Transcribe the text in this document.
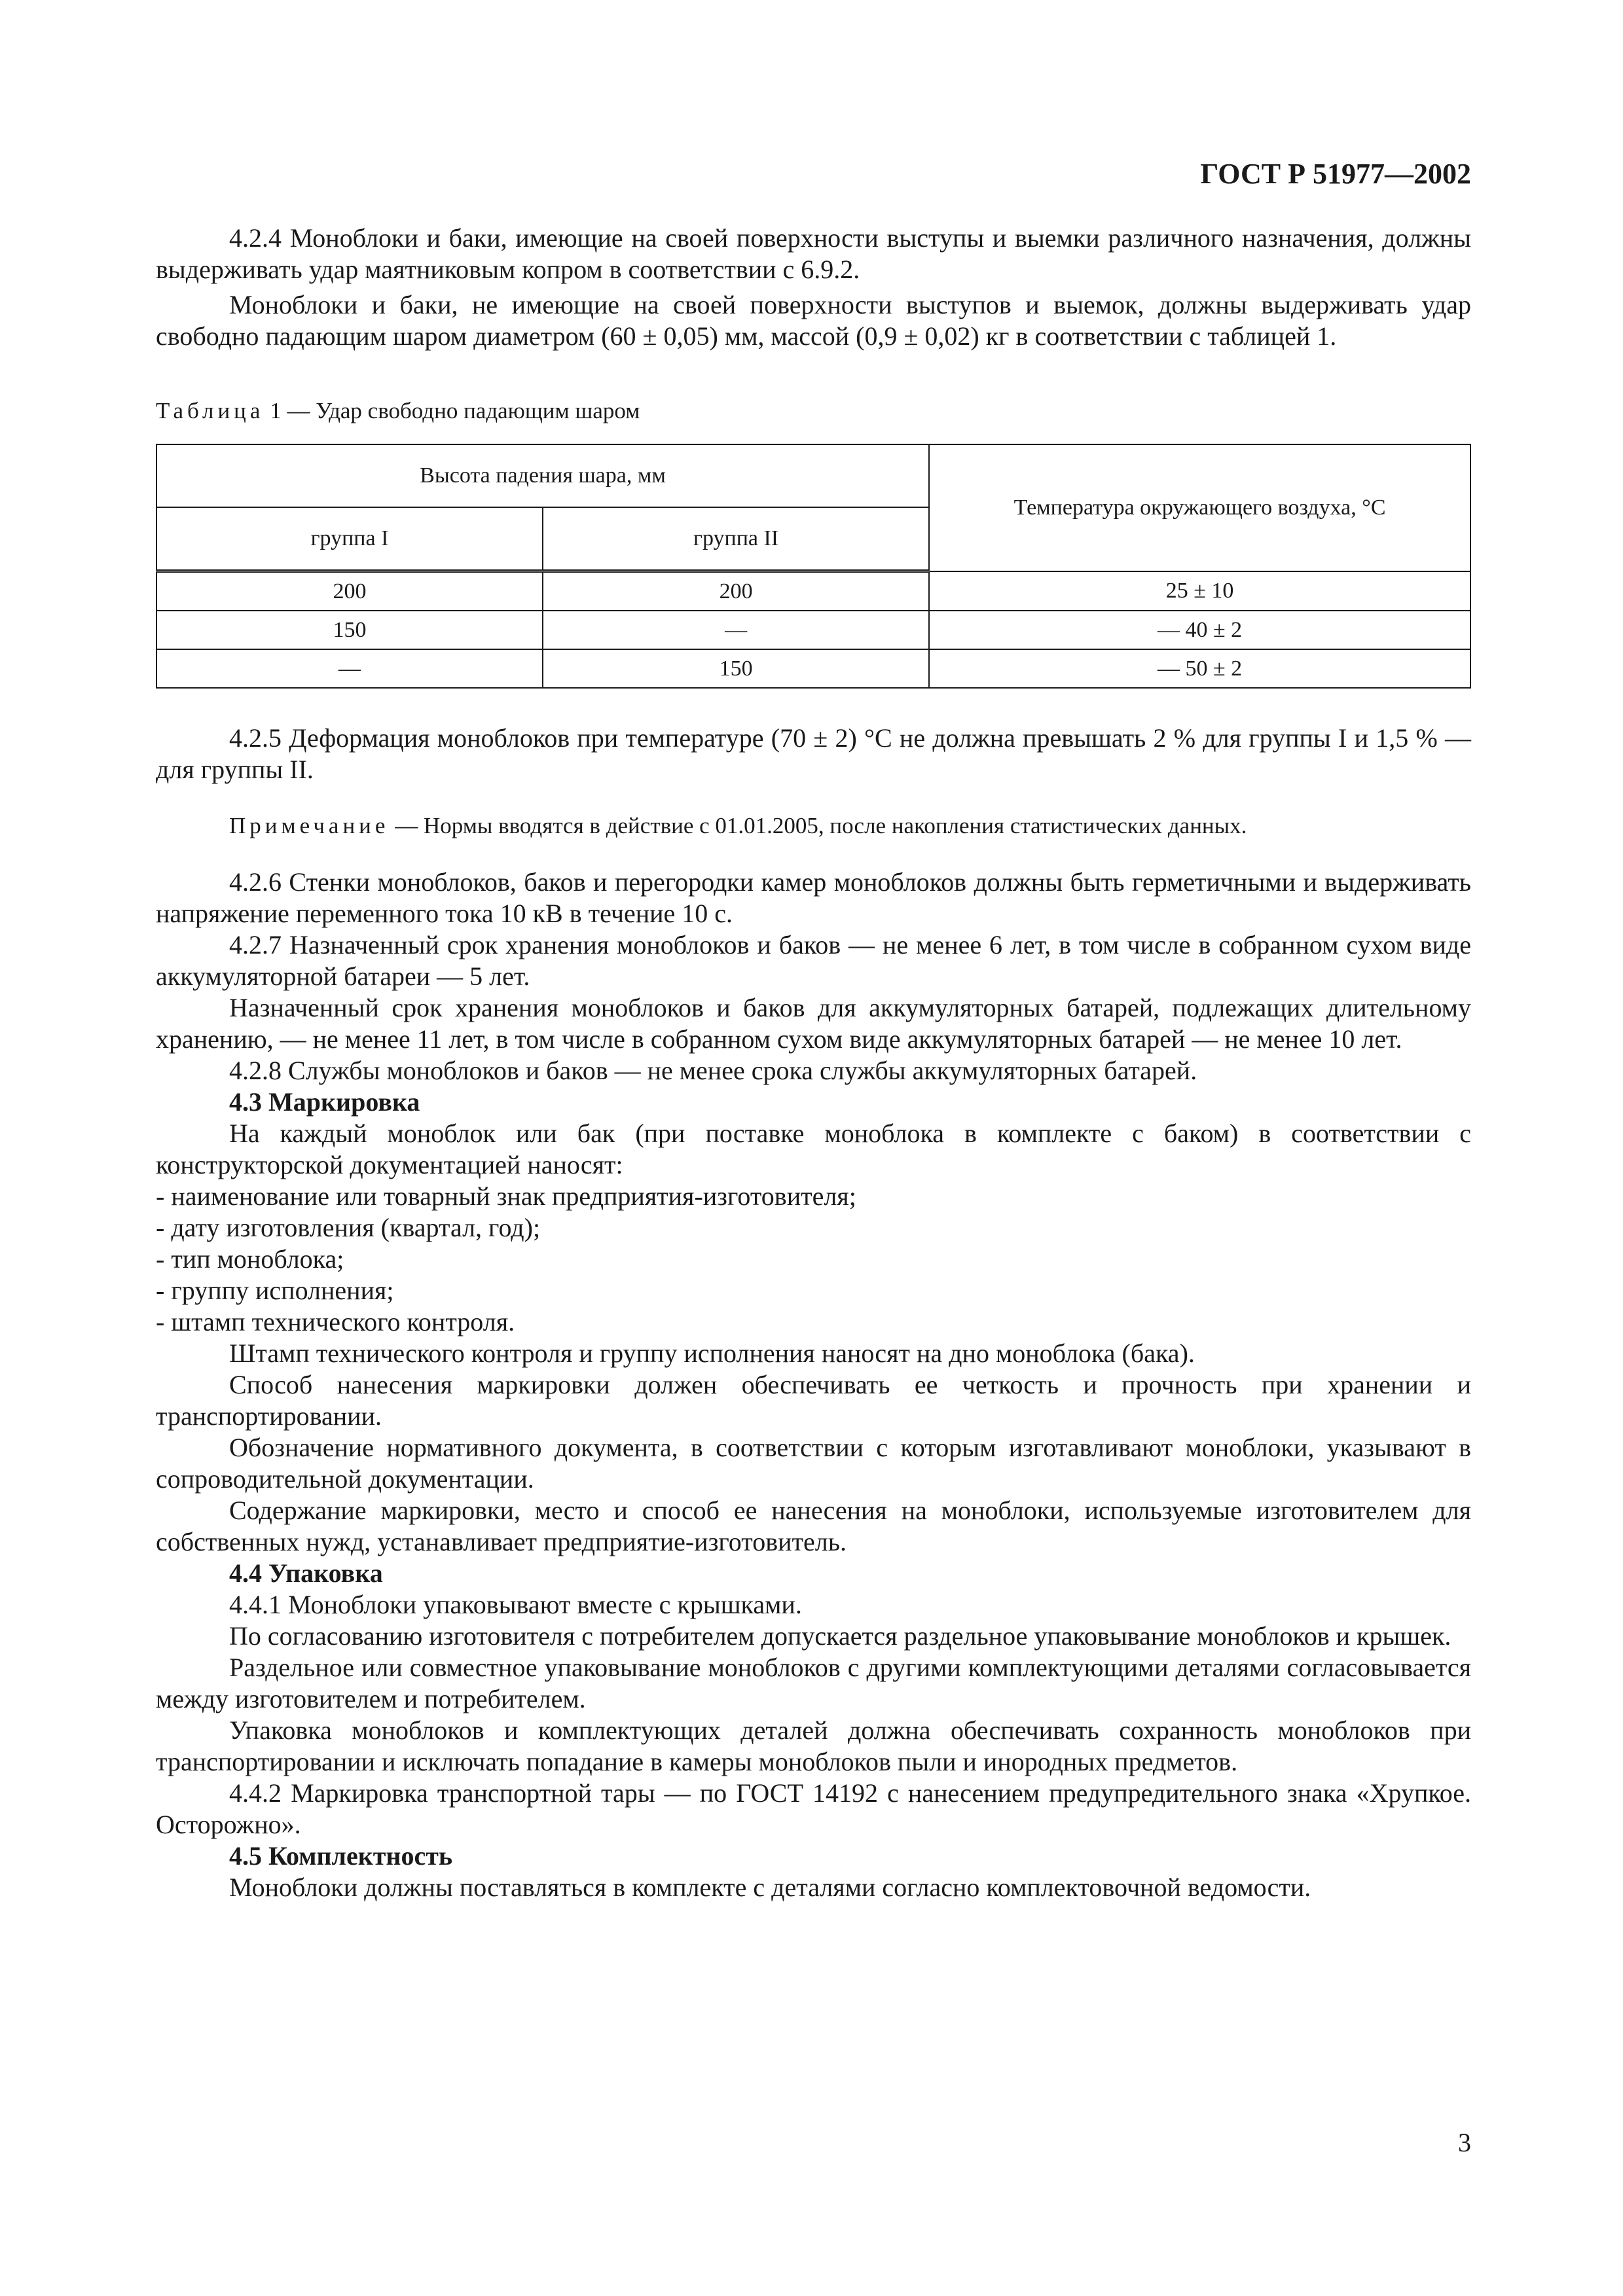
ГОСТ Р 51977—2002

4.2.4 Моноблоки и баки, имеющие на своей поверхности выступы и выемки различного назначения, должны выдерживать удар маятниковым копром в соответствии с 6.9.2.

Моноблоки и баки, не имеющие на своей поверхности выступов и выемок, должны выдерживать удар свободно падающим шаром диаметром (60 ± 0,05) мм, массой (0,9 ± 0,02) кг в соответствии с таблицей 1.

Таблица 1 — Удар свободно падающим шаром

Высота падения шара, мм		Температура окружающего воздуха, °С
группа I	группа II	
200	200	25 ± 10
150	—	— 40 ± 2
—	150	— 50 ± 2

4.2.5 Деформация моноблоков при температуре (70 ± 2) °С не должна превышать 2 % для группы I и 1,5 % — для группы II.

Примечание — Нормы вводятся в действие с 01.01.2005, после накопления статистических данных.

4.2.6 Стенки моноблоков, баков и перегородки камер моноблоков должны быть герметичными и выдерживать напряжение переменного тока 10 кВ в течение 10 с.

4.2.7 Назначенный срок хранения моноблоков и баков — не менее 6 лет, в том числе в собранном сухом виде аккумуляторной батареи — 5 лет.

Назначенный срок хранения моноблоков и баков для аккумуляторных батарей, подлежащих длительному хранению, — не менее 11 лет, в том числе в собранном сухом виде аккумуляторных батарей — не менее 10 лет.

4.2.8 Службы моноблоков и баков — не менее срока службы аккумуляторных батарей.

4.3 Маркировка

На каждый моноблок или бак (при поставке моноблока в комплекте с баком) в соответствии с конструкторской документацией наносят:

- наименование или товарный знак предприятия-изготовителя;

- дату изготовления (квартал, год);

- тип моноблока;

- группу исполнения;

- штамп технического контроля.

Штамп технического контроля и группу исполнения наносят на дно моноблока (бака).

Способ нанесения маркировки должен обеспечивать ее четкость и прочность при хранении и транспортировании.

Обозначение нормативного документа, в соответствии с которым изготавливают моноблоки, указывают в сопроводительной документации.

Содержание маркировки, место и способ ее нанесения на моноблоки, используемые изготовителем для собственных нужд, устанавливает предприятие-изготовитель.

4.4 Упаковка

4.4.1 Моноблоки упаковывают вместе с крышками.

По согласованию изготовителя с потребителем допускается раздельное упаковывание моноблоков и крышек.

Раздельное или совместное упаковывание моноблоков с другими комплектующими деталями согласовывается между изготовителем и потребителем.

Упаковка моноблоков и комплектующих деталей должна обеспечивать сохранность моноблоков при транспортировании и исключать попадание в камеры моноблоков пыли и инородных предметов.

4.4.2 Маркировка транспортной тары — по ГОСТ 14192 с нанесением предупредительного знака «Хрупкое. Осторожно».

4.5 Комплектность

Моноблоки должны поставляться в комплекте с деталями согласно комплектовочной ведомости.

3
